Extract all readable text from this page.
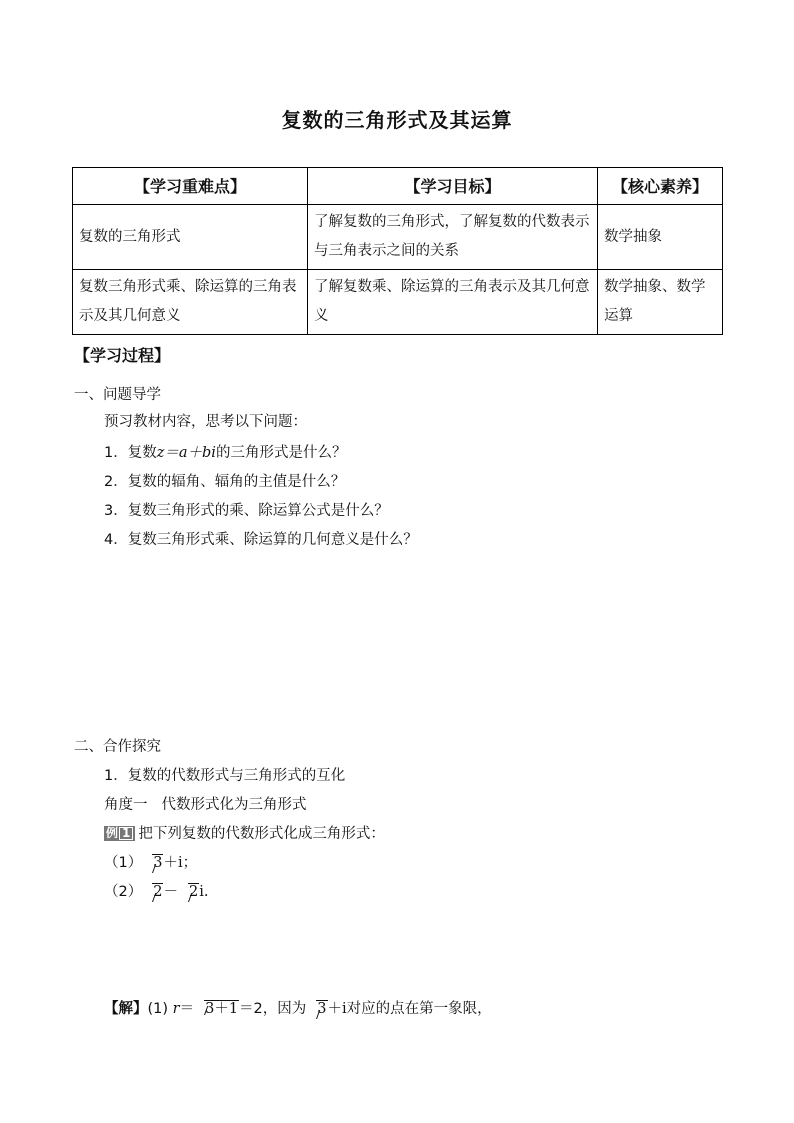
复数的三角形式及其运算
【学习重难点】	【学习目标】	【核心素养】
复数的三角形式	了解复数的三角形式，了解复数的代数表示与三角表示之间的关系	数学抽象
复数三角形式乘、除运算的三角表示及其几何意义	了解复数乘、除运算的三角表示及其几何意义	数学抽象、数学运算
【学习过程】
一、问题导学
预习教材内容，思考以下问题：
1．复数z＝a＋bi的三角形式是什么？
2．复数的辐角、辐角的主值是什么？
3．复数三角形式的乘、除运算公式是什么？
4．复数三角形式乘、除运算的几何意义是什么？
二、合作探究
1．复数的代数形式与三角形式的互化
角度一 代数形式化为三角形式
例 1 把下列复数的代数形式化成三角形式：
（1） 3＋i；
（2） 2－ 2i.
【解】(1) r＝ 3＋1＝2，因为 3＋i对应的点在第一象限，
